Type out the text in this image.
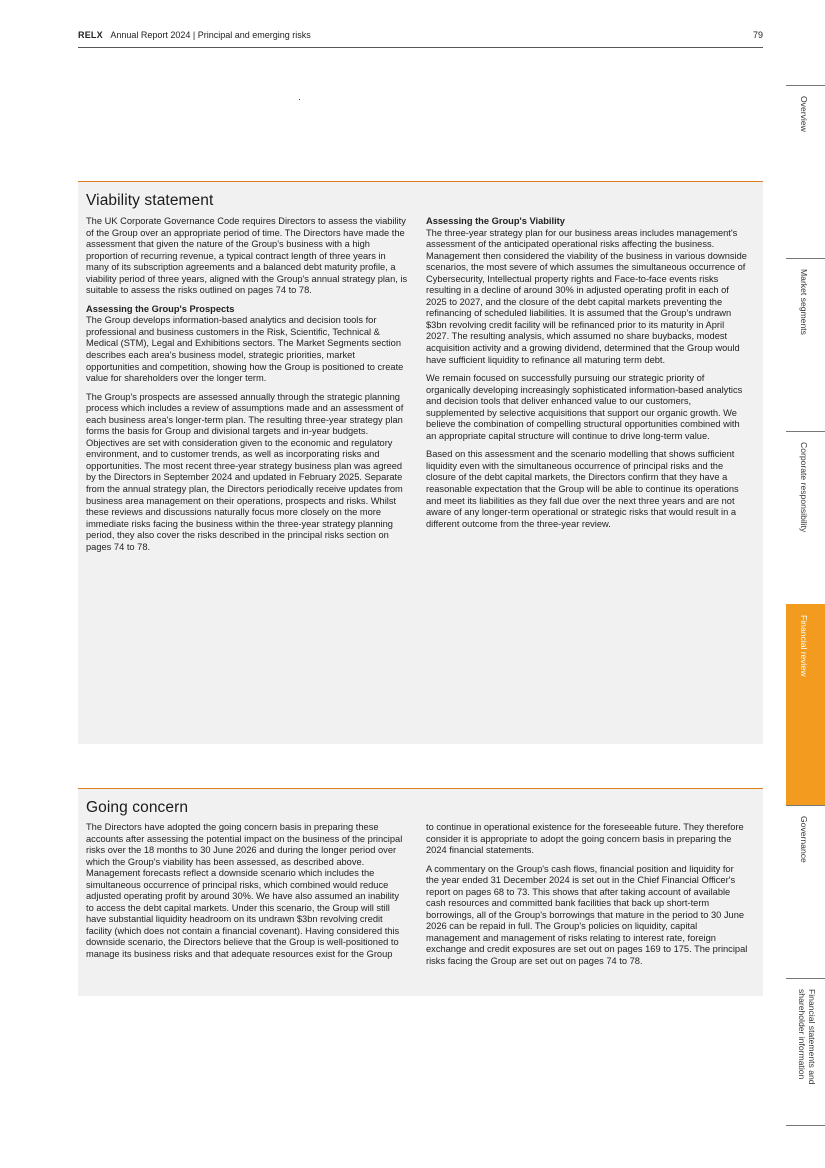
RELX Annual Report 2024 | Principal and emerging risks	79
Viability statement

The UK Corporate Governance Code requires Directors to assess the viability of the Group over an appropriate period of time. The Directors have made the assessment that given the nature of the Group's business with a high proportion of recurring revenue, a typical contract length of three years in many of its subscription agreements and a balanced debt maturity profile, a viability period of three years, aligned with the Group's annual strategy plan, is suitable to assess the risks outlined on pages 74 to 78.

Assessing the Group's Prospects
The Group develops information-based analytics and decision tools for professional and business customers in the Risk, Scientific, Technical & Medical (STM), Legal and Exhibitions sectors. The Market Segments section describes each area's business model, strategic priorities, market opportunities and competition, showing how the Group is positioned to create value for shareholders over the longer term.

The Group's prospects are assessed annually through the strategic planning process which includes a review of assumptions made and an assessment of each business area's longer-term plan. The resulting three-year strategy plan forms the basis for Group and divisional targets and in-year budgets. Objectives are set with consideration given to the economic and regulatory environment, and to customer trends, as well as incorporating risks and opportunities. The most recent three-year strategy business plan was agreed by the Directors in September 2024 and updated in February 2025. Separate from the annual strategy plan, the Directors periodically receive updates from business area management on their operations, prospects and risks. Whilst these reviews and discussions naturally focus more closely on the more immediate risks facing the business within the three-year strategy planning period, they also cover the risks described in the principal risks section on pages 74 to 78.

Assessing the Group's Viability
The three-year strategy plan for our business areas includes management's assessment of the anticipated operational risks affecting the business. Management then considered the viability of the business in various downside scenarios, the most severe of which assumes the simultaneous occurrence of Cybersecurity, Intellectual property rights and Face-to-face events risks resulting in a decline of around 30% in adjusted operating profit in each of 2025 to 2027, and the closure of the debt capital markets preventing the refinancing of scheduled liabilities. It is assumed that the Group's undrawn $3bn revolving credit facility will be refinanced prior to its maturity in April 2027. The resulting analysis, which assumed no share buybacks, modest acquisition activity and a growing dividend, determined that the Group would have sufficient liquidity to refinance all maturing term debt.

We remain focused on successfully pursuing our strategic priority of organically developing increasingly sophisticated information-based analytics and decision tools that deliver enhanced value to our customers, supplemented by selective acquisitions that support our organic growth. We believe the combination of compelling structural opportunities combined with an appropriate capital structure will continue to drive long-term value.

Based on this assessment and the scenario modelling that shows sufficient liquidity even with the simultaneous occurrence of principal risks and the closure of the debt capital markets, the Directors confirm that they have a reasonable expectation that the Group will be able to continue its operations and meet its liabilities as they fall due over the next three years and are not aware of any longer-term operational or strategic risks that would result in a different outcome from the three-year review.

Going concern

The Directors have adopted the going concern basis in preparing these accounts after assessing the potential impact on the business of the principal risks over the 18 months to 30 June 2026 and during the longer period over which the Group's viability has been assessed, as described above. Management forecasts reflect a downside scenario which includes the simultaneous occurrence of principal risks, which combined would reduce adjusted operating profit by around 30%. We have also assumed an inability to access the debt capital markets. Under this scenario, the Group will still have substantial liquidity headroom on its undrawn $3bn revolving credit facility (which does not contain a financial covenant). Having considered this downside scenario, the Directors believe that the Group is well-positioned to manage its business risks and that adequate resources exist for the Group

to continue in operational existence for the foreseeable future. They therefore consider it is appropriate to adopt the going concern basis in preparing the 2024 financial statements.

A commentary on the Group's cash flows, financial position and liquidity for the year ended 31 December 2024 is set out in the Chief Financial Officer's report on pages 68 to 73. This shows that after taking account of available cash resources and committed bank facilities that back up short-term borrowings, all of the Group's borrowings that mature in the period to 30 June 2026 can be repaid in full. The Group's policies on liquidity, capital management and management of risks relating to interest rate, foreign exchange and credit exposures are set out on pages 169 to 175. The principal risks facing the Group are set out on pages 74 to 78.

Overview
Market segments
Corporate responsibility
Financial review
Governance
Financial statements and shareholder information
